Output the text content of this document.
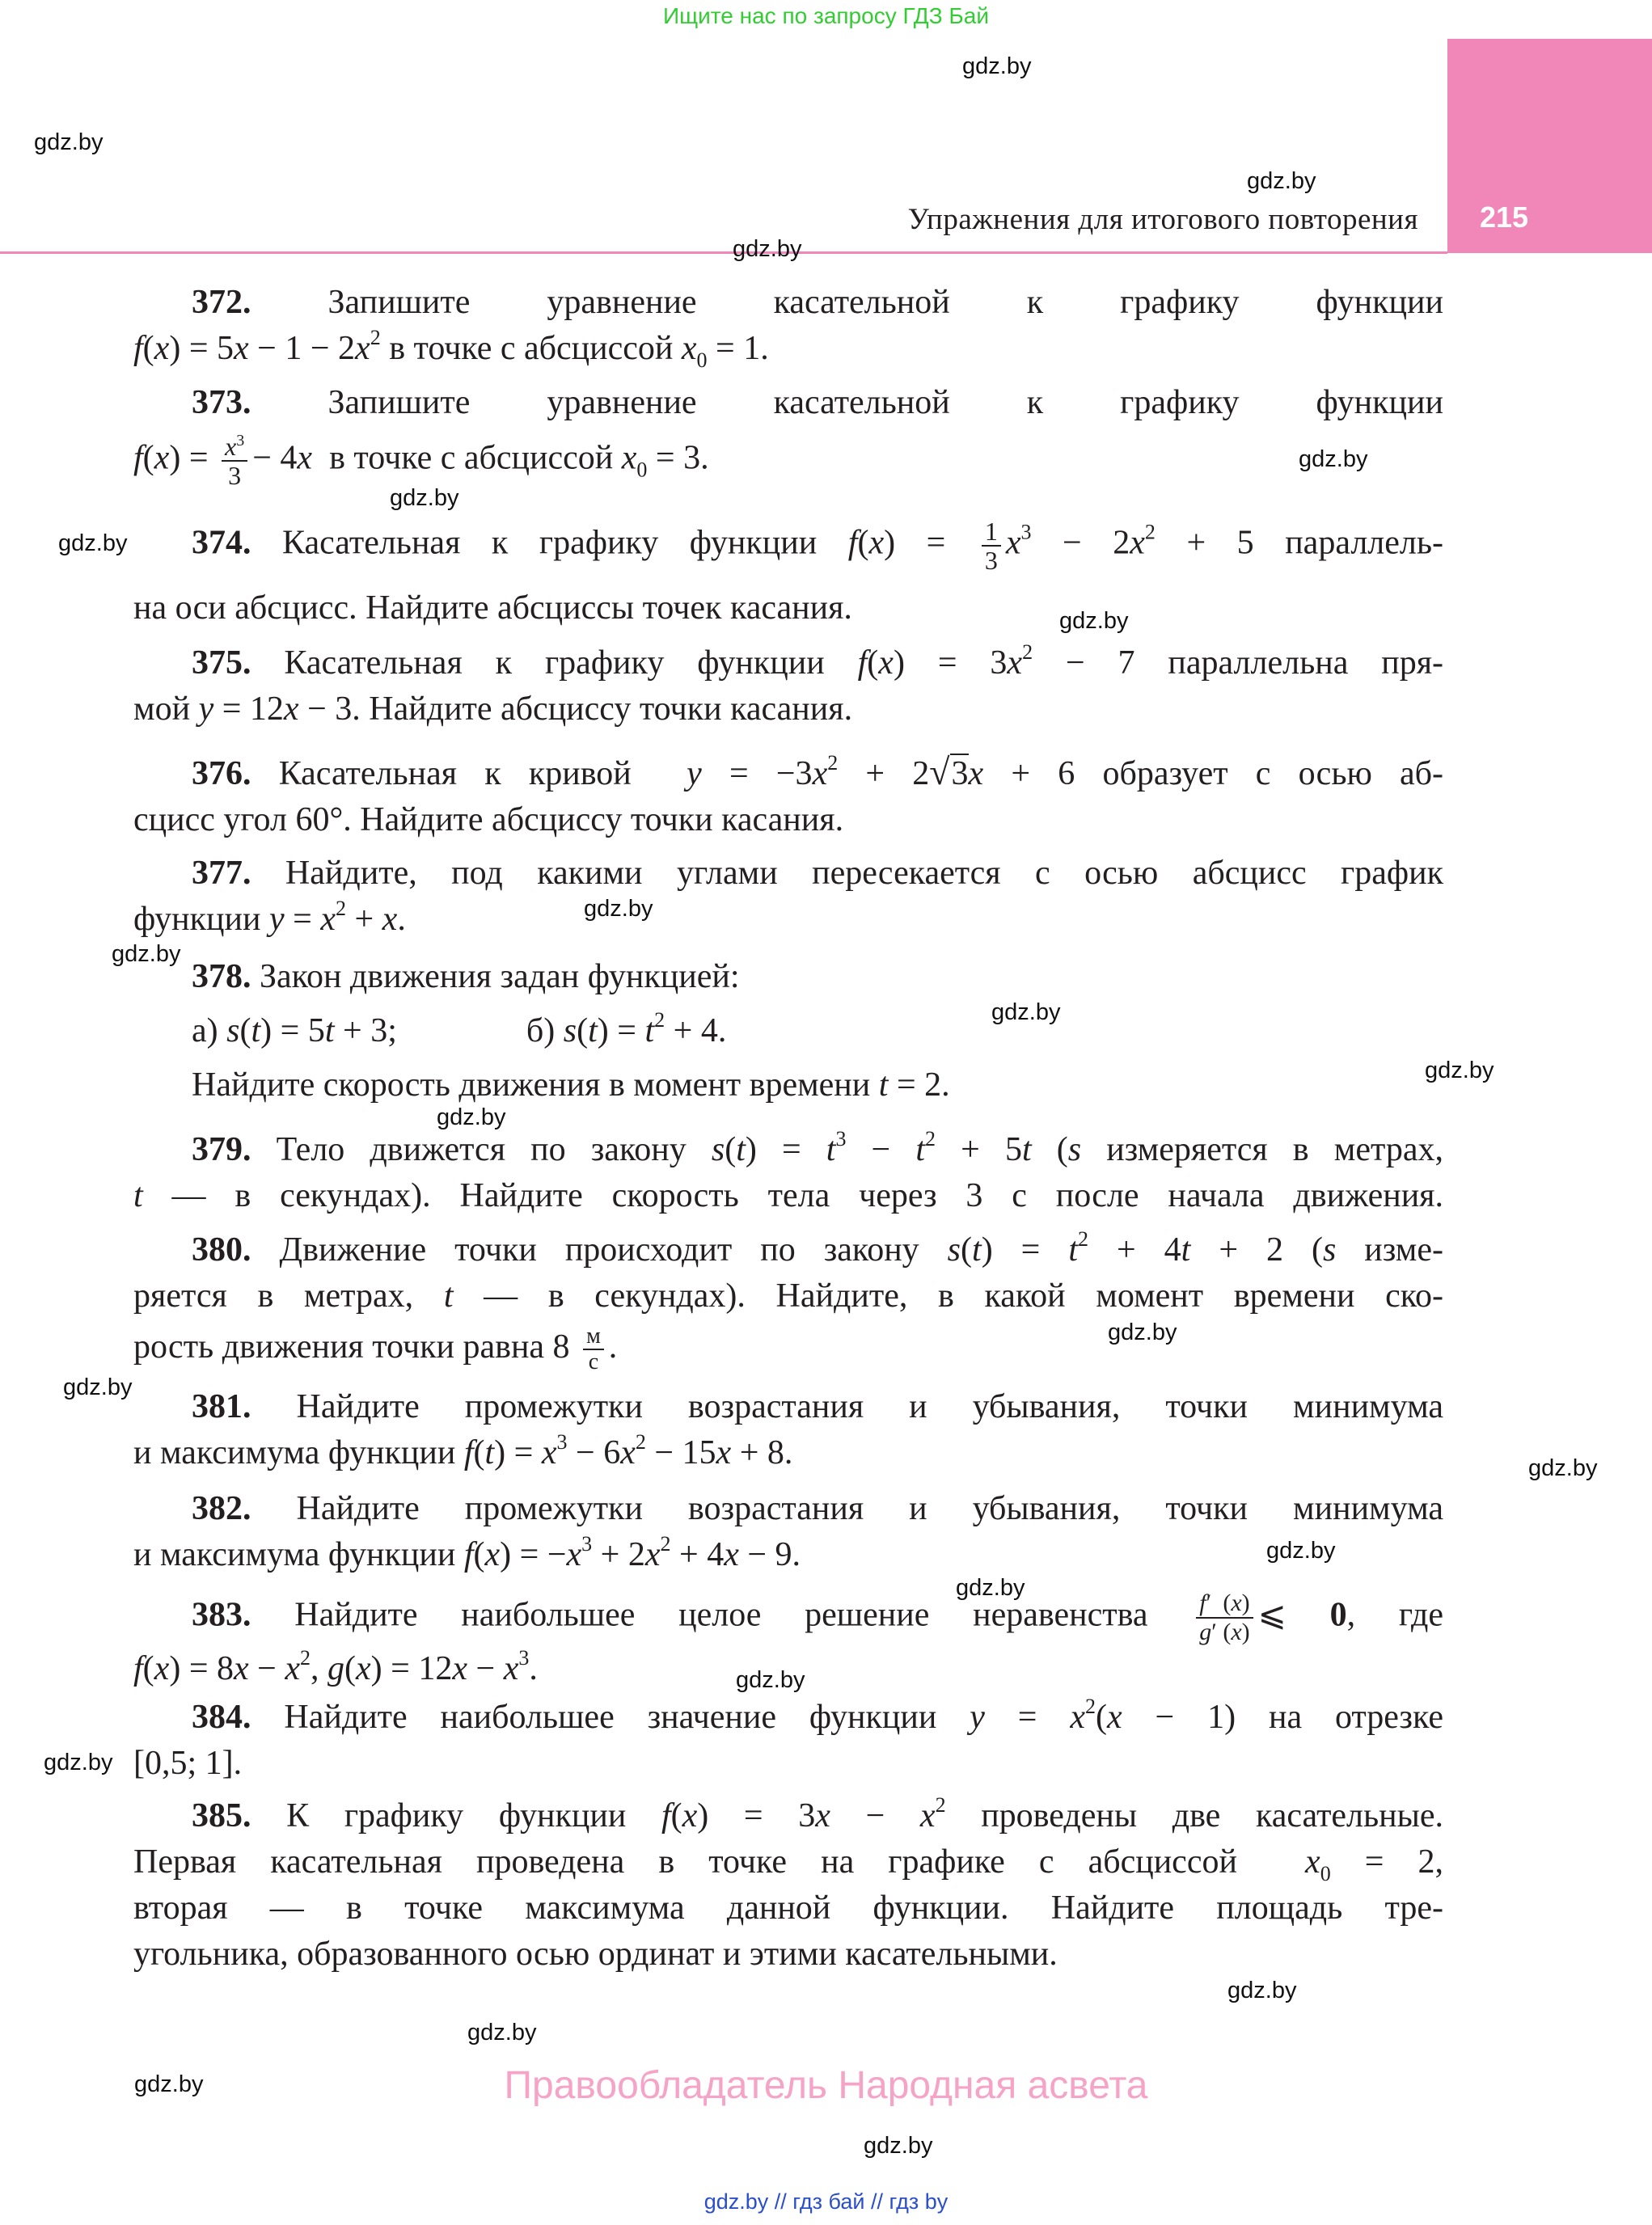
Ищите нас по запросу ГДЗ Бай
215
Упражнения для итогового повторения
372. Запишите уравнение касательной к графику функции
$f(x) = 5x - 1 - 2x^2$ в точке с абсциссой $x_0 = 1$.
373. Запишите уравнение касательной к графику функции
$f(x) = \frac{x^3}{3} - 4x$  в точке с абсциссой $x_0 = 3$.
374. Касательная к графику функции $f(x) = \frac{1}{3} x^3 - 2x^2 + 5$ параллель-
на оси абсцисс. Найдите абсциссы точек касания.
375. Касательная к графику функции $f(x) = 3x^2 - 7$ параллельна пря-
мой y = 12x − 3. Найдите абсциссу точки касания.
376. Касательная к кривой $y = -3x^2 + 2√3x + 6$ образует с осью аб-
сцисс угол 60°. Найдите абсциссу точки касания.
377. Найдите, под какими углами пересекается с осью абсцисс график
функции $y = x^2 + x$.
378. Закон движения задан функцией:
а) s(t) = 5t + 3;	б) $s(t) = t^2 + 4$.
Найдите скорость движения в момент времени t = 2.
379. Тело движется по закону $s(t) = t^3 - t^2 + 5t$ (s измеряется в метрах,
t — в секундах). Найдите скорость тела через 3 с после начала движения.
380. Движение точки происходит по закону $s(t) = t^2 + 4t + 2$ (s изме-
ряется в метрах, t — в секундах). Найдите, в какой момент времени ско-
рость движения точки равна $8 \frac{м}{с}$ .
381. Найдите промежутки возрастания и убывания, точки минимума
и максимума функции $f(t) = x^3 - 6x^2 - 15x + 8$.
382. Найдите промежутки возрастания и убывания, точки минимума
и максимума функции $f(x) = -x^3 + 2x^2 + 4x - 9$.
383. Найдите наибольшее целое решение неравенства $\frac{f' (x)}{g' (x)}$ ⩽ 0, где
$f(x) = 8x - x^2$, $g(x) = 12x - x^3$.
384. Найдите наибольшее значение функции $y = x^2(x - 1)$ на отрезке
[0,5; 1].
385. К графику функции $f(x) = 3x - x^2$ проведены две касательные.
Первая касательная проведена в точке на графике с абсциссой  $x_0 = 2$,
вторая — в точке максимума данной функции. Найдите площадь тре-
угольника, образованного осью ординат и этими касательными.
gdz.by
gdz.by
gdz.by
gdz.by
gdz.by
gdz.by
gdz.by
gdz.by
gdz.by
gdz.by
gdz.by
gdz.by
gdz.by
gdz.by
gdz.by
gdz.by
gdz.by
gdz.by
gdz.by
gdz.by
gdz.by
gdz.by
gdz.by
gdz.by
Правообладатель Народная асвета
gdz.by // гдз бай // гдз by
